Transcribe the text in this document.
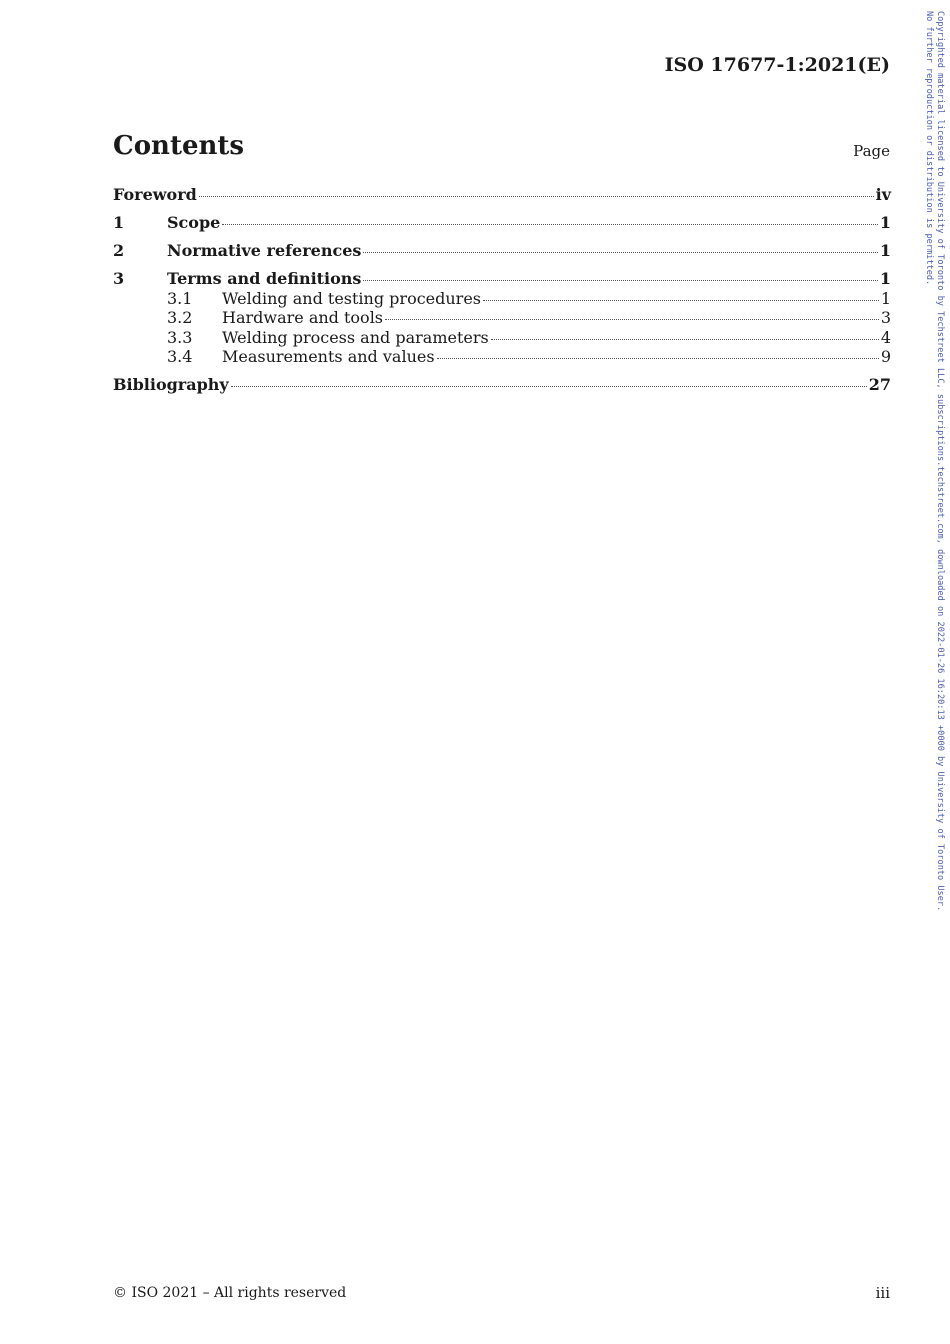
ISO 17677-1:2021(E)
Contents	Page
Foreword	iv
1	Scope	1
2	Normative references	1
3	Terms and definitions	1
3.1	Welding and testing procedures	1
3.2	Hardware and tools	3
3.3	Welding process and parameters	4
3.4	Measurements and values	9
Bibliography	27
© ISO 2021 – All rights reserved	iii
Copyrighted material licensed to University of Toronto by Techstreet LLC, subscriptions.techstreet.com, downloaded on 2022-01-26 16:20:13 +0000 by University of Toronto User.
No further reproduction or distribution is permitted.
